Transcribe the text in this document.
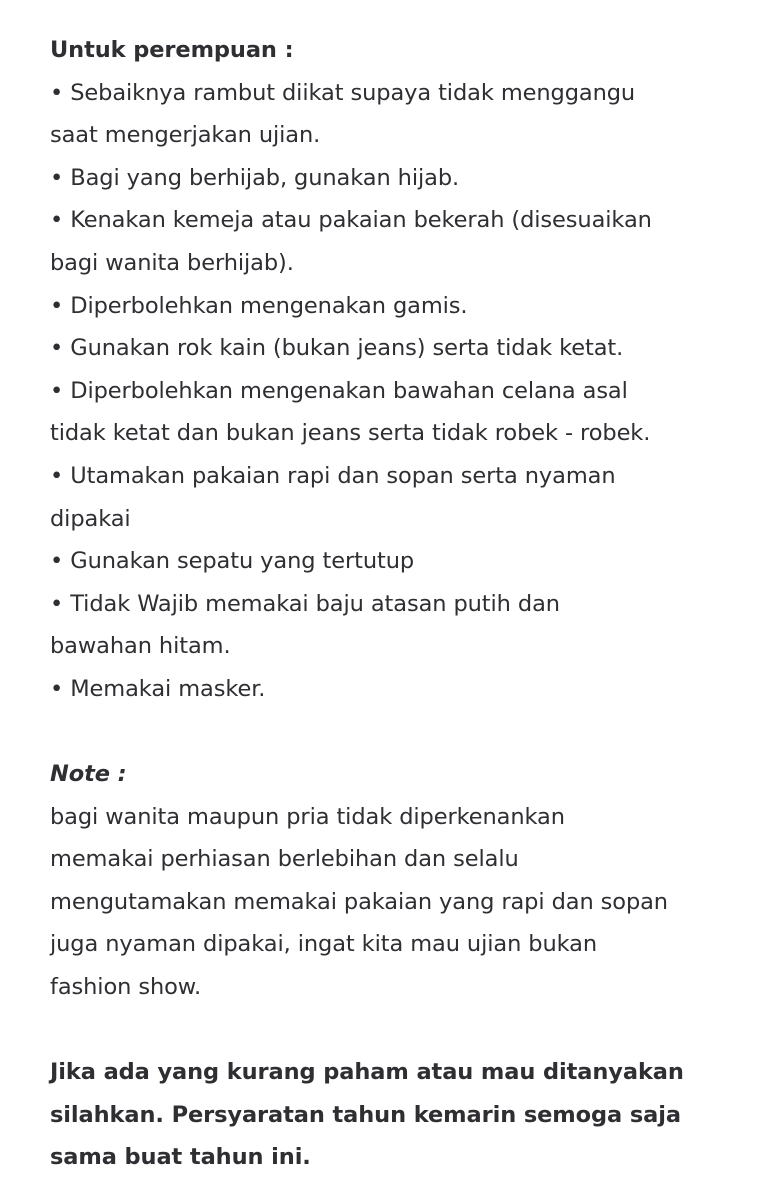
Untuk perempuan :
• Sebaiknya rambut diikat supaya tidak menggangu
saat mengerjakan ujian.
• Bagi yang berhijab, gunakan hijab.
• Kenakan kemeja atau pakaian bekerah (disesuaikan
bagi wanita berhijab).
• Diperbolehkan mengenakan gamis.
• Gunakan rok kain (bukan jeans) serta tidak ketat.
• Diperbolehkan mengenakan bawahan celana asal
tidak ketat dan bukan jeans serta tidak robek - robek.
• Utamakan pakaian rapi dan sopan serta nyaman
dipakai
• Gunakan sepatu yang tertutup
• Tidak Wajib memakai baju atasan putih dan
bawahan hitam.
• Memakai masker.
Note :
bagi wanita maupun pria tidak diperkenankan
memakai perhiasan berlebihan dan selalu
mengutamakan memakai pakaian yang rapi dan sopan
juga nyaman dipakai, ingat kita mau ujian bukan
fashion show.
Jika ada yang kurang paham atau mau ditanyakan
silahkan. Persyaratan tahun kemarin semoga saja
sama buat tahun ini.
